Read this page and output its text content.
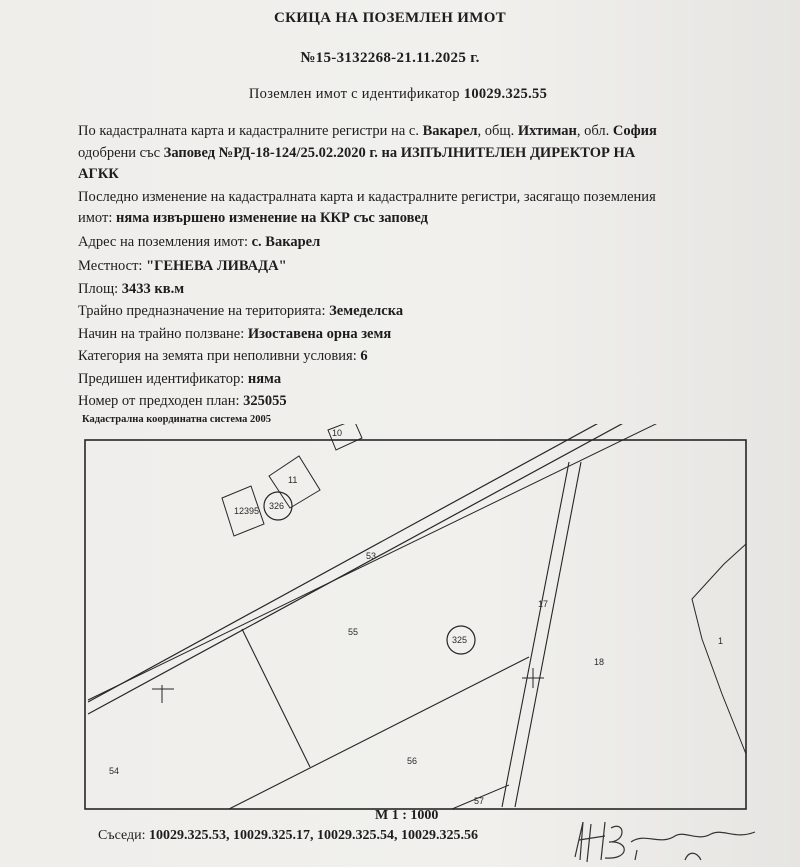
СКИЦА НА ПОЗЕМЛЕН ИМОТ
№15-3132268-21.11.2025 г.
Поземлен имот с идентификатор 10029.325.55
По кадастралната карта и кадастралните регистри на с. Вакарел, общ. Ихтиман, обл. София
одобрени със Заповед №РД-18-124/25.02.2020 г. на ИЗПЪЛНИТЕЛЕН ДИРЕКТОР НА
АГКК
Последно изменение на кадастралната карта и кадастралните регистри, засягащо поземления
имот: няма извършено изменение на ККР със заповед
Адрес на поземления имот: с. Вакарел
Местност: "ГЕНЕВА ЛИВАДА"
Площ: 3433 кв.м
Трайно предназначение на територията: Земеделска
Начин на трайно ползване: Изоставена орна земя
Категория на земята при неполивни условия: 6
Предишен идентификатор: няма
Номер от предходен план: 325055
Кадастрална координатна система 2005
10
11
12395 326
53
55
325
17
18
1
54
56
57
M 1 : 1000
Съседи: 10029.325.53, 10029.325.17, 10029.325.54, 10029.325.56
